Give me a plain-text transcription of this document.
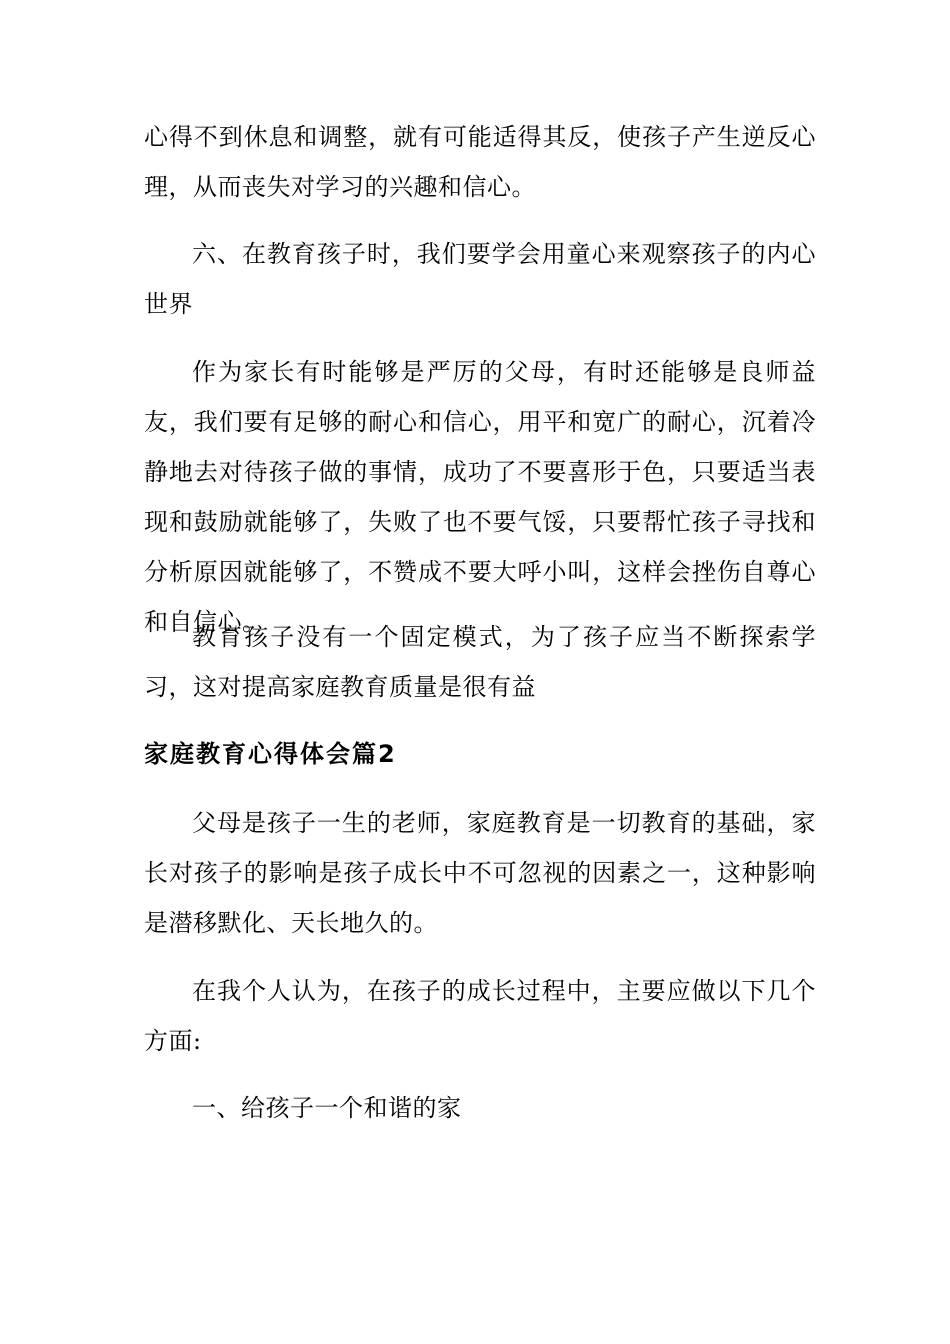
心得不到休息和调整，就有可能适得其反，使孩子产生逆反心理，从而丧失对学习的兴趣和信心。

六、在教育孩子时，我们要学会用童心来观察孩子的内心世界

作为家长有时能够是严厉的父母，有时还能够是良师益友，我们要有足够的耐心和信心，用平和宽广的耐心，沉着冷静地去对待孩子做的事情，成功了不要喜形于色，只要适当表现和鼓励就能够了，失败了也不要气馁，只要帮忙孩子寻找和分析原因就能够了，不赞成不要大呼小叫，这样会挫伤自尊心和自信心。

教育孩子没有一个固定模式，为了孩子应当不断探索学习，这对提高家庭教育质量是很有益

家庭教育心得体会篇2

父母是孩子一生的老师，家庭教育是一切教育的基础，家长对孩子的影响是孩子成长中不可忽视的因素之一，这种影响是潜移默化、天长地久的。

在我个人认为，在孩子的成长过程中，主要应做以下几个方面:

一、给孩子一个和谐的家
